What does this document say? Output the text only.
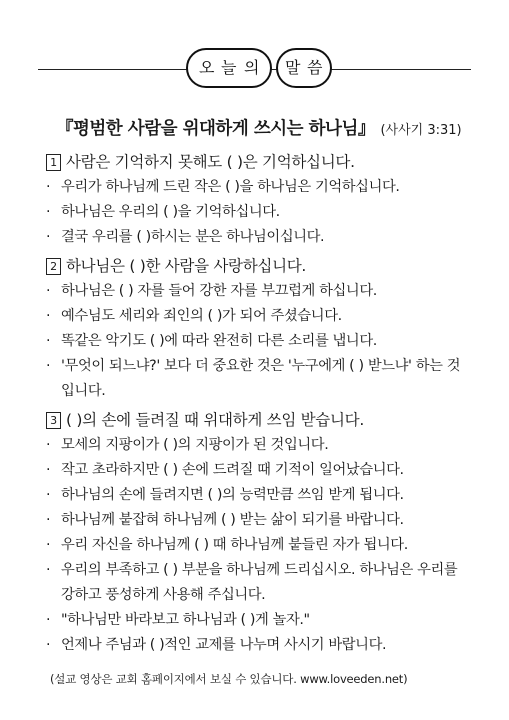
오 늘 의 말 씀
『평범한 사람을 위대하게 쓰시는 하나님』 (사사기 3:31)
1 사람은 기억하지 못해도 ( )은 기억하십니다.
· 우리가 하나님께 드린 작은 ( )을 하나님은 기억하십니다.
· 하나님은 우리의 ( )을 기억하십니다.
· 결국 우리를 ( )하시는 분은 하나님이십니다.
2 하나님은 ( )한 사람을 사랑하십니다.
· 하나님은 ( ) 자를 들어 강한 자를 부끄럽게 하십니다.
· 예수님도 세리와 죄인의 ( )가 되어 주셨습니다.
· 똑같은 악기도 ( )에 따라 완전히 다른 소리를 냅니다.
· '무엇이 되느냐?' 보다 더 중요한 것은 '누구에게 ( ) 받느냐' 하는 것입니다.
3 ( )의 손에 들려질 때 위대하게 쓰임 받습니다.
· 모세의 지팡이가 ( )의 지팡이가 된 것입니다.
· 작고 초라하지만 ( ) 손에 드려질 때 기적이 일어났습니다.
· 하나님의 손에 들려지면 ( )의 능력만큼 쓰임 받게 됩니다.
· 하나님께 붙잡혀 하나님께 ( ) 받는 삶이 되기를 바랍니다.
· 우리 자신을 하나님께 ( ) 때 하나님께 붙들린 자가 됩니다.
· 우리의 부족하고 ( ) 부분을 하나님께 드리십시오. 하나님은 우리를 강하고 풍성하게 사용해 주십니다.
· "하나님만 바라보고 하나님과 ( )게 놀자."
· 언제나 주님과 ( )적인 교제를 나누며 사시기 바랍니다.
(설교 영상은 교회 홈페이지에서 보실 수 있습니다. www.loveeden.net)
